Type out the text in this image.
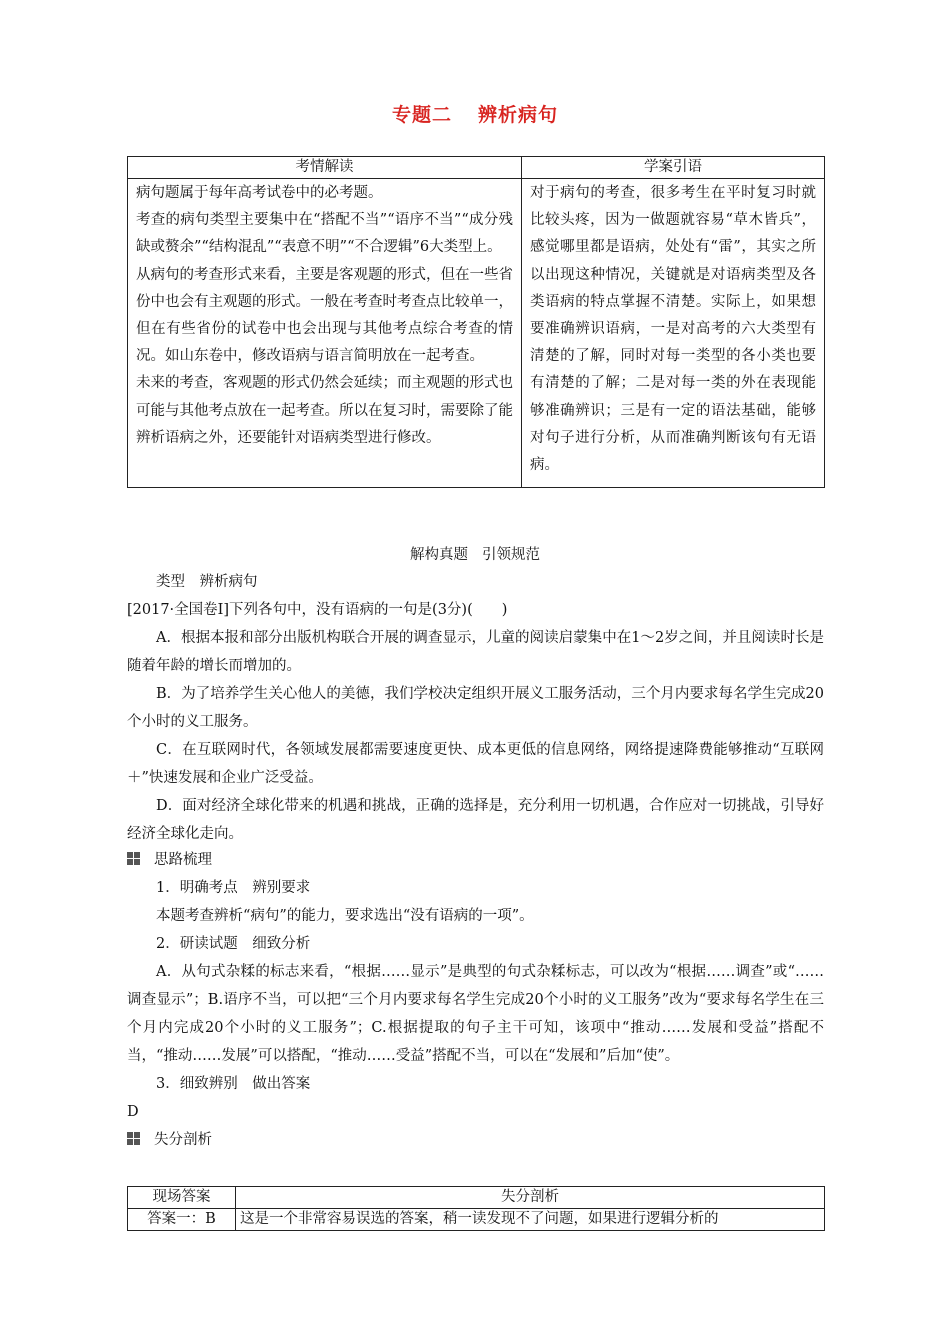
专题二 辨析病句
考情解读	学案引语

病句题属于每年高考试卷中的必考题。

考查的病句类型主要集中在“搭配不当”“语序不当”“成分残缺或赘余”“结构混乱”“表意不明”“不合逻辑”6大类型上。

从病句的考查形式来看，主要是客观题的形式，但在一些省份中也会有主观题的形式。一般在考查时考查点比较单一，但在有些省份的试卷中也会出现与其他考点综合考查的情况。如山东卷中，修改语病与语言简明放在一起考查。

未来的考查，客观题的形式仍然会延续；而主观题的形式也可能与其他考点放在一起考查。所以在复习时，需要除了能辨析语病之外，还要能针对语病类型进行修改。	对于病句的考查，很多考生在平时复习时就比较头疼，因为一做题就容易“草木皆兵”，感觉哪里都是语病，处处有“雷”，其实之所以出现这种情况，关键就是对语病类型及各类语病的特点掌握不清楚。实际上，如果想要准确辨识语病，一是对高考的六大类型有清楚的了解，同时对每一类型的各小类也要有清楚的了解；二是对每一类的外在表现能够准确辨识；三是有一定的语法基础，能够对句子进行分析，从而准确判断该句有无语病。

解构真题 引领规范

类型　 辨析病句

[2017·全国卷Ⅰ]下列各句中，没有语病的一句是(3分)(　　)

A．根据本报和部分出版机构联合开展的调查显示，儿童的阅读启蒙集中在1～2岁之间，并且阅读时长是随着年龄的增长而增加的。

B．为了培养学生关心他人的美德，我们学校决定组织开展义工服务活动，三个月内要求每名学生完成20个小时的义工服务。

C．在互联网时代，各领域发展都需要速度更快、成本更低的信息网络，网络提速降费能够推动“互联网＋”快速发展和企业广泛受益。

D．面对经济全球化带来的机遇和挑战，正确的选择是，充分利用一切机遇，合作应对一切挑战，引导好经济全球化走向。

思路梳理

1．明确考点　辨别要求

本题考查辨析“病句”的能力，要求选出“没有语病的一项”。

2．研读试题　细致分析

A．从句式杂糅的标志来看，“根据……显示”是典型的句式杂糅标志，可以改为“根据……调查”或“……调查显示”；B.语序不当，可以把“三个月内要求每名学生完成20个小时的义工服务”改为“要求每名学生在三个月内完成20个小时的义工服务”；C.根据提取的句子主干可知，该项中“推动……发展和受益”搭配不当，“推动……发展”可以搭配，“推动……受益”搭配不当，可以在“发展和”后加“使”。

3．细致辨别　做出答案

D

失分剖析

现场答案	失分剖析
答案一：B	这是一个非常容易误选的答案，稍一读发现不了问题，如果进行逻辑分析的
